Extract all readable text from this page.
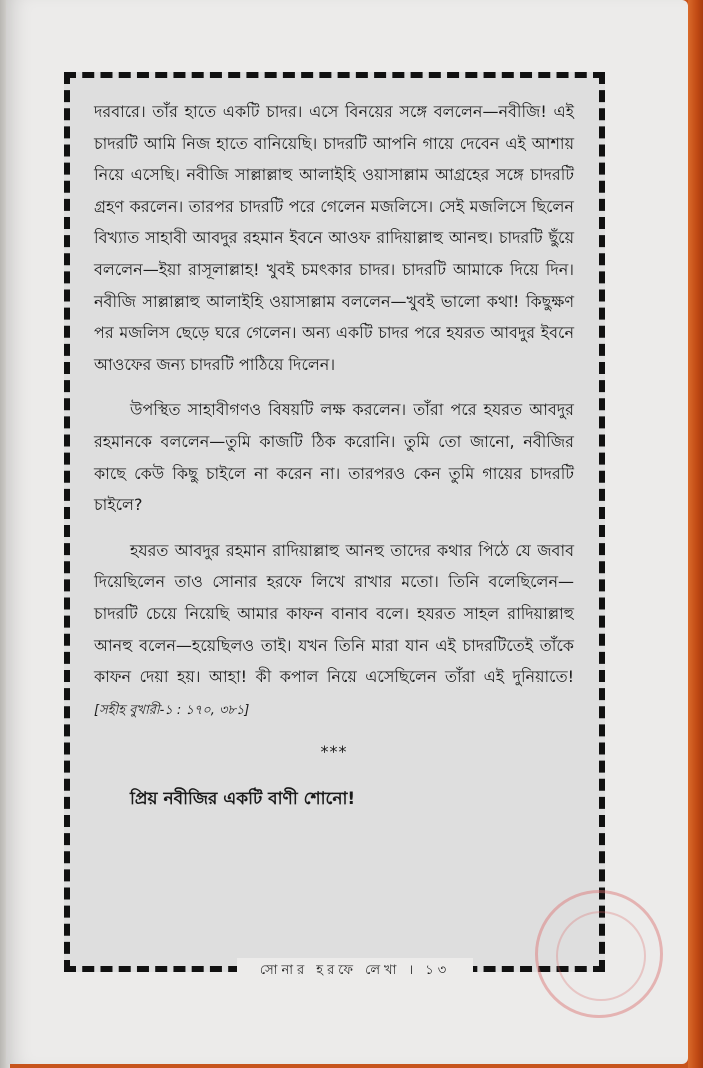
দরবারে। তাঁর হাতে একটি চাদর। এসে বিনয়ের সঙ্গে বললেন—নবীজি! এই চাদরটি আমি নিজ হাতে বানিয়েছি। চাদরটি আপনি গায়ে দেবেন এই আশায় নিয়ে এসেছি। নবীজি সাল্লাল্লাহু আলাইহি ওয়াসাল্লাম আগ্রহের সঙ্গে চাদরটি গ্রহণ করলেন। তারপর চাদরটি পরে গেলেন মজলিসে। সেই মজলিসে ছিলেন বিখ্যাত সাহাবী আবদুর রহমান ইবনে আওফ রাদিয়াল্লাহু আনহু। চাদরটি ছুঁয়ে বললেন—ইয়া রাসূলাল্লাহ! খুবই চমৎকার চাদর। চাদরটি আমাকে দিয়ে দিন। নবীজি সাল্লাল্লাহু আলাইহি ওয়াসাল্লাম বললেন—খুবই ভালো কথা! কিছুক্ষণ পর মজলিস ছেড়ে ঘরে গেলেন। অন্য একটি চাদর পরে হযরত আবদুর ইবনে আওফের জন্য চাদরটি পাঠিয়ে দিলেন।

উপস্থিত সাহাবীগণও বিষয়টি লক্ষ করলেন। তাঁরা পরে হযরত আবদুর রহমানকে বললেন—তুমি কাজটি ঠিক করোনি। তুমি তো জানো, নবীজির কাছে কেউ কিছু চাইলে না করেন না। তারপরও কেন তুমি গায়ের চাদরটি চাইলে?

হযরত আবদুর রহমান রাদিয়াল্লাহু আনহু তাদের কথার পিঠে যে জবাব দিয়েছিলেন তাও সোনার হরফে লিখে রাখার মতো। তিনি বলেছিলেন—চাদরটি চেয়ে নিয়েছি আমার কাফন বানাব বলে। হযরত সাহল রাদিয়াল্লাহু আনহু বলেন—হয়েছিলও তাই। যখন তিনি মারা যান এই চাদরটিতেই তাঁকে কাফন দেয়া হয়। আহা! কী কপাল নিয়ে এসেছিলেন তাঁরা এই দুনিয়াতে! [সহীহ বুখারী-১ : ১৭০, ৩৮১]

***
প্রিয় নবীজির একটি বাণী শোনো!
সোনার হরফে লেখা । ১৩
